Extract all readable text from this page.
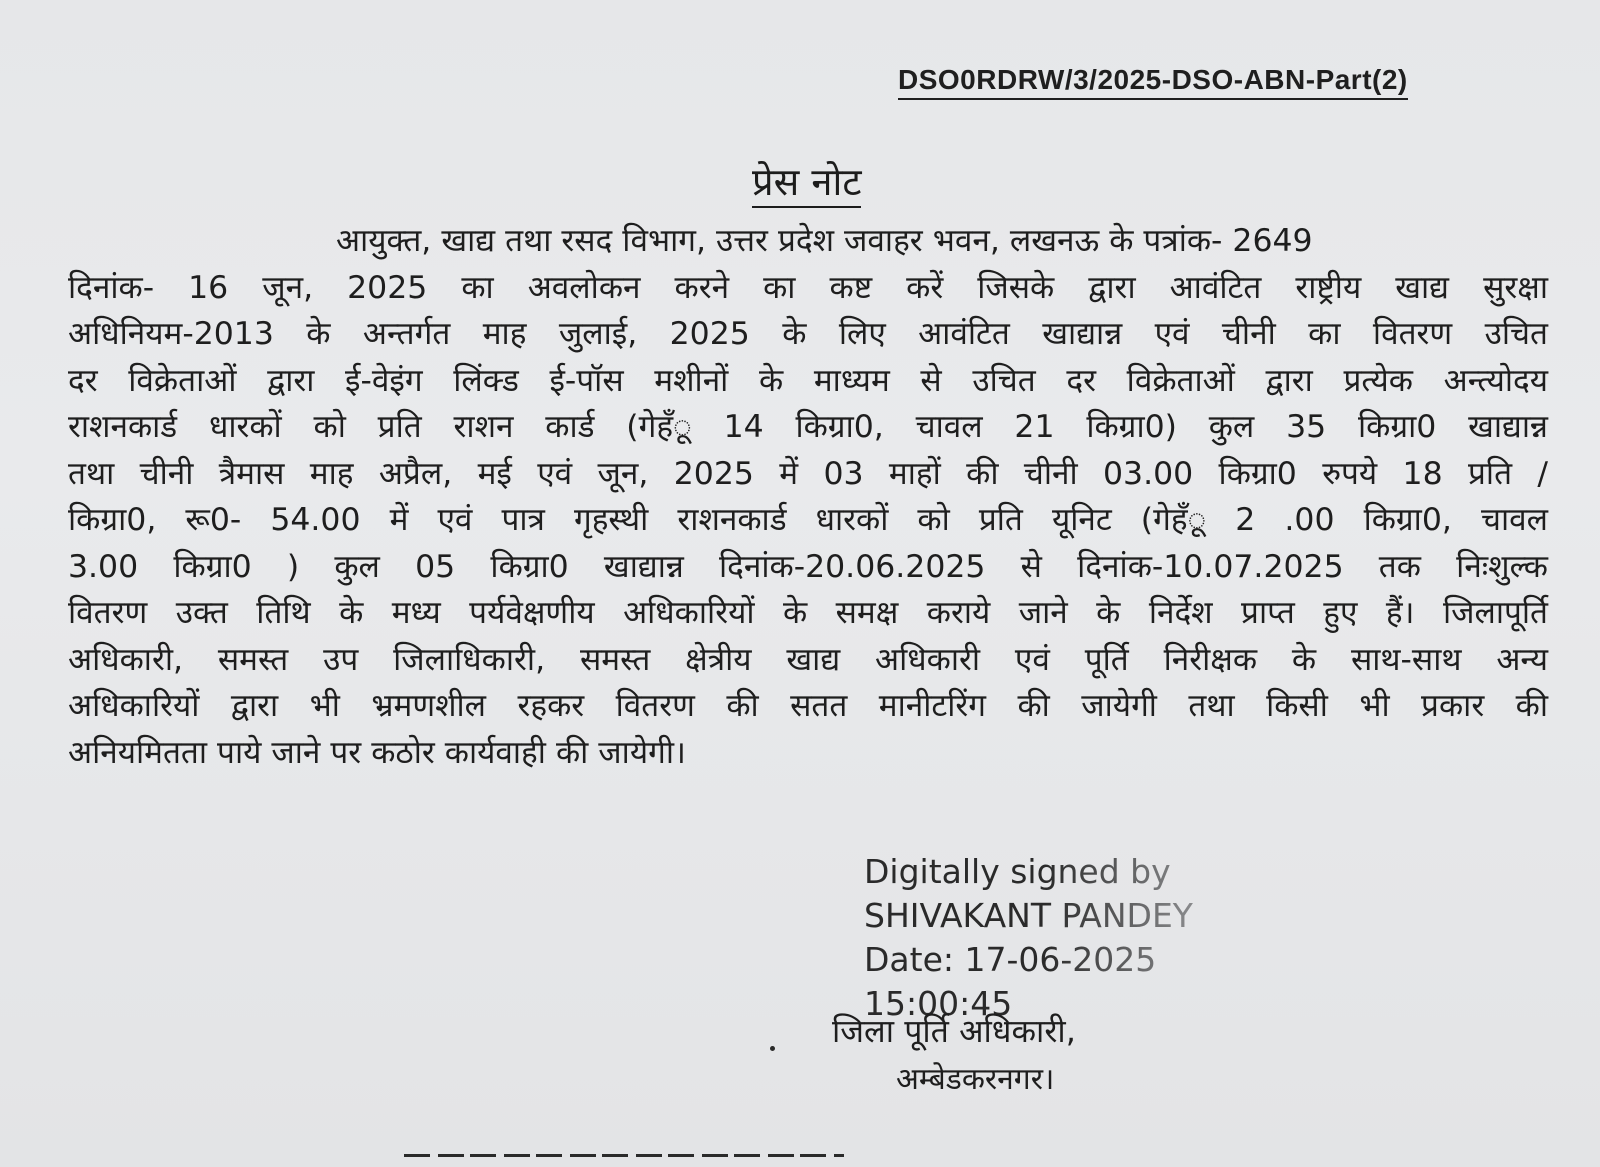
DSO0RDRW/3/2025-DSO-ABN-Part(2)
प्रेस नोट
आयुक्त, खाद्य तथा रसद विभाग, उत्तर प्रदेश जवाहर भवन, लखनऊ के पत्रांक- 2649
दिनांक- 16 जून, 2025 का अवलोकन करने का कष्ट करें जिसके द्वारा आवंटित राष्ट्रीय खाद्य सुरक्षा
अधिनियम-2013 के अन्तर्गत माह जुलाई, 2025 के लिए आवंटित खाद्यान्न एवं चीनी का वितरण उचित
दर विक्रेताओं द्वारा ई-वेइंग लिंक्ड ई-पॉस मशीनों के माध्यम से उचित दर विक्रेताओं द्वारा प्रत्येक अन्त्योदय
राशनकार्ड धारकों को प्रति राशन कार्ड (गेहँू 14 किग्रा0, चावल 21 किग्रा0) कुल 35 किग्रा0 खाद्यान्न
तथा चीनी त्रैमास माह अप्रैल, मई एवं जून, 2025 में 03 माहों की चीनी 03.00 किग्रा0 रुपये 18 प्रति /
किग्रा0, रू0- 54.00 में एवं पात्र गृहस्थी राशनकार्ड धारकों को प्रति यूनिट (गेहँू 2 .00 किग्रा0, चावल
3.00 किग्रा0 ) कुल 05 किग्रा0 खाद्यान्न दिनांक-20.06.2025 से दिनांक-10.07.2025 तक निःशुल्क
वितरण उक्त तिथि के मध्य पर्यवेक्षणीय अधिकारियों के समक्ष कराये जाने के निर्देश प्राप्त हुए हैं। जिलापूर्ति
अधिकारी, समस्त उप जिलाधिकारी, समस्त क्षेत्रीय खाद्य अधिकारी एवं पूर्ति निरीक्षक के साथ-साथ अन्य
अधिकारियों द्वारा भी भ्रमणशील रहकर वितरण की सतत मानीटरिंग की जायेगी तथा किसी भी प्रकार की
अनियमितता पाये जाने पर कठोर कार्यवाही की जायेगी।
Digitally signed by
SHIVAKANT PANDEY
Date: 17-06-2025
15:00:45
जिला पूर्ति अधिकारी,
अम्बेडकरनगर।
